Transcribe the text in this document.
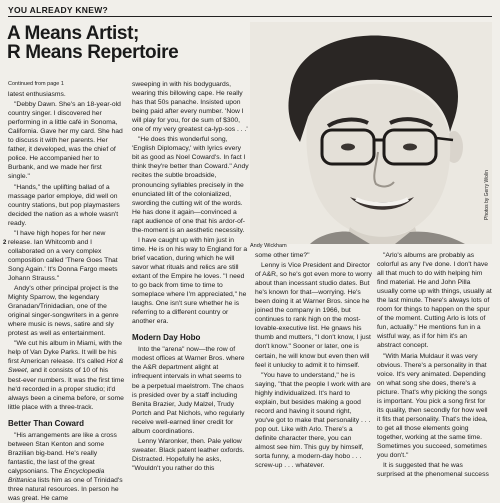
YOU ALREADY KNEW?
A Means Artist;
R Means Repertoire
Andy Wickham
Photos by Gerry Wolin
2
Continued from page 1

latest enthusiasms.

"Debby Dawn. She's an 18-year-old country singer. I discovered her performing in a little café in Sonoma, California. Gave her my card. She had to discuss it with her parents. Her father, it developed, was the chief of police. He accompanied her to Burbank, and we made her first single."

"Hands," the uplifting ballad of a massage parlor employe, did well on country stations, but pop playmasters decided the nation as a whole wasn't ready.

"I have high hopes for her new release. Ian Whitcomb and I collaborated on a very complex composition called 'There Goes That Song Again.' It's Donna Fargo meets Johann Strauss."

Andy's other principal project is the Mighty Sparrow, the legendary Granadan/Trinidadian, one of the original singer-songwriters in a genre where music is news, satire and sly protest as well as entertainment.

"We cut his album in Miami, with the help of Van Dyke Parks. It will be his first American release. It's called Hot & Sweet, and it consists of 10 of his best-ever numbers. It was the first time he'd recorded in a proper studio; it'd always been a cinema before, or some little place with a three-track.

Better Than Coward

"His arrangements are like a cross between Stan Kenton and some Brazilian big-band. He's really fantastic, the last of the great calypsonians. The Encyclopedia Brittanica lists him as one of Trinidad's three natural resources. In person he was great. He came

sweeping in with his bodyguards, wearing this billowing cape. He really has that 50s panache. Insisted upon being paid after every number. 'Now I will play for you, for de sum of $300, one of my very greatest ca-lyp-sos . . .'

"He does this wonderful song, 'English Diplomacy,' with lyrics every bit as good as Noel Coward's. In fact I think they're better than Coward." Andy recites the subtle broadside, pronouncing syllables precisely in the enunciated lilt of the colonialized, swording the cutting wit of the words. He has done it again—convinced a rapt audience of one that his ardor-of-the-moment is an aesthetic necessity.

I have caught up with him just in time. He is on his way to England for a brief vacation, during which he will savor what rituals and relics are still extant of the Empire he loves. "I need to go back from time to time to someplace where I'm appreciated," he laughs. One isn't sure whether he is referring to a different country or another era.

Modern Day Hobo

Into the "arena" now—the row of modest offices at Warner Bros. where the A&R department alight at infrequent intervals in what seems to be a perpetual maelstrom. The chaos is presided over by a staff including Benita Brazier, Judy Malzel, Trudy Portch and Pat Nichols, who regularly receive well-earned liner credit for album coordinations.

Lenny Waronker, then. Pale yellow sweater. Black patent leather oxfords. Distracted. Hopefully he asks, "Wouldn't you rather do this

some other time?"

Lenny is Vice President and Director of A&R, so he's got even more to worry about than incessant studio dates. But he's known for that—worrying. He's been doing it at Warner Bros. since he joined the company in 1966, but continues to rank high on the most-lovable-executive list. He gnaws his thumb and mutters, "I don't know, I just don't know." Sooner or later, one is certain, he will know but even then will feel it unlucky to admit it to himself.

"You have to understand," he is saying, "that the people I work with are highly individualized. It's hard to explain, but besides making a good record and having it sound right, you've got to make that personality . . . pop out. Like with Arlo. There's a definite character there, you can almost see him. This guy by himself, sorta funny, a modern-day hobo . . . screw-up . . . whatever.

"Arlo's albums are probably as colorful as any I've done. I don't have all that much to do with helping him find material. He and John Pilla usually come up with things, usually at the last minute. There's always lots of room for things to happen on the spur of the moment. Cutting Arlo is lots of fun, actually." He mentions fun in a wistful way, as if for him it's an abstract concept.

"With Maria Muldaur it was very obvious. There's a personality in that voice. It's very animated. Depending on what song she does, there's a picture. That's why picking the songs is important. You pick a song first for its quality, then secondly for how well it fits that personality. That's the idea, to get all those elements going together, working at the same time. Sometimes you succeed, sometimes you don't."

It is suggested that he was surprised at the phenomenal success
